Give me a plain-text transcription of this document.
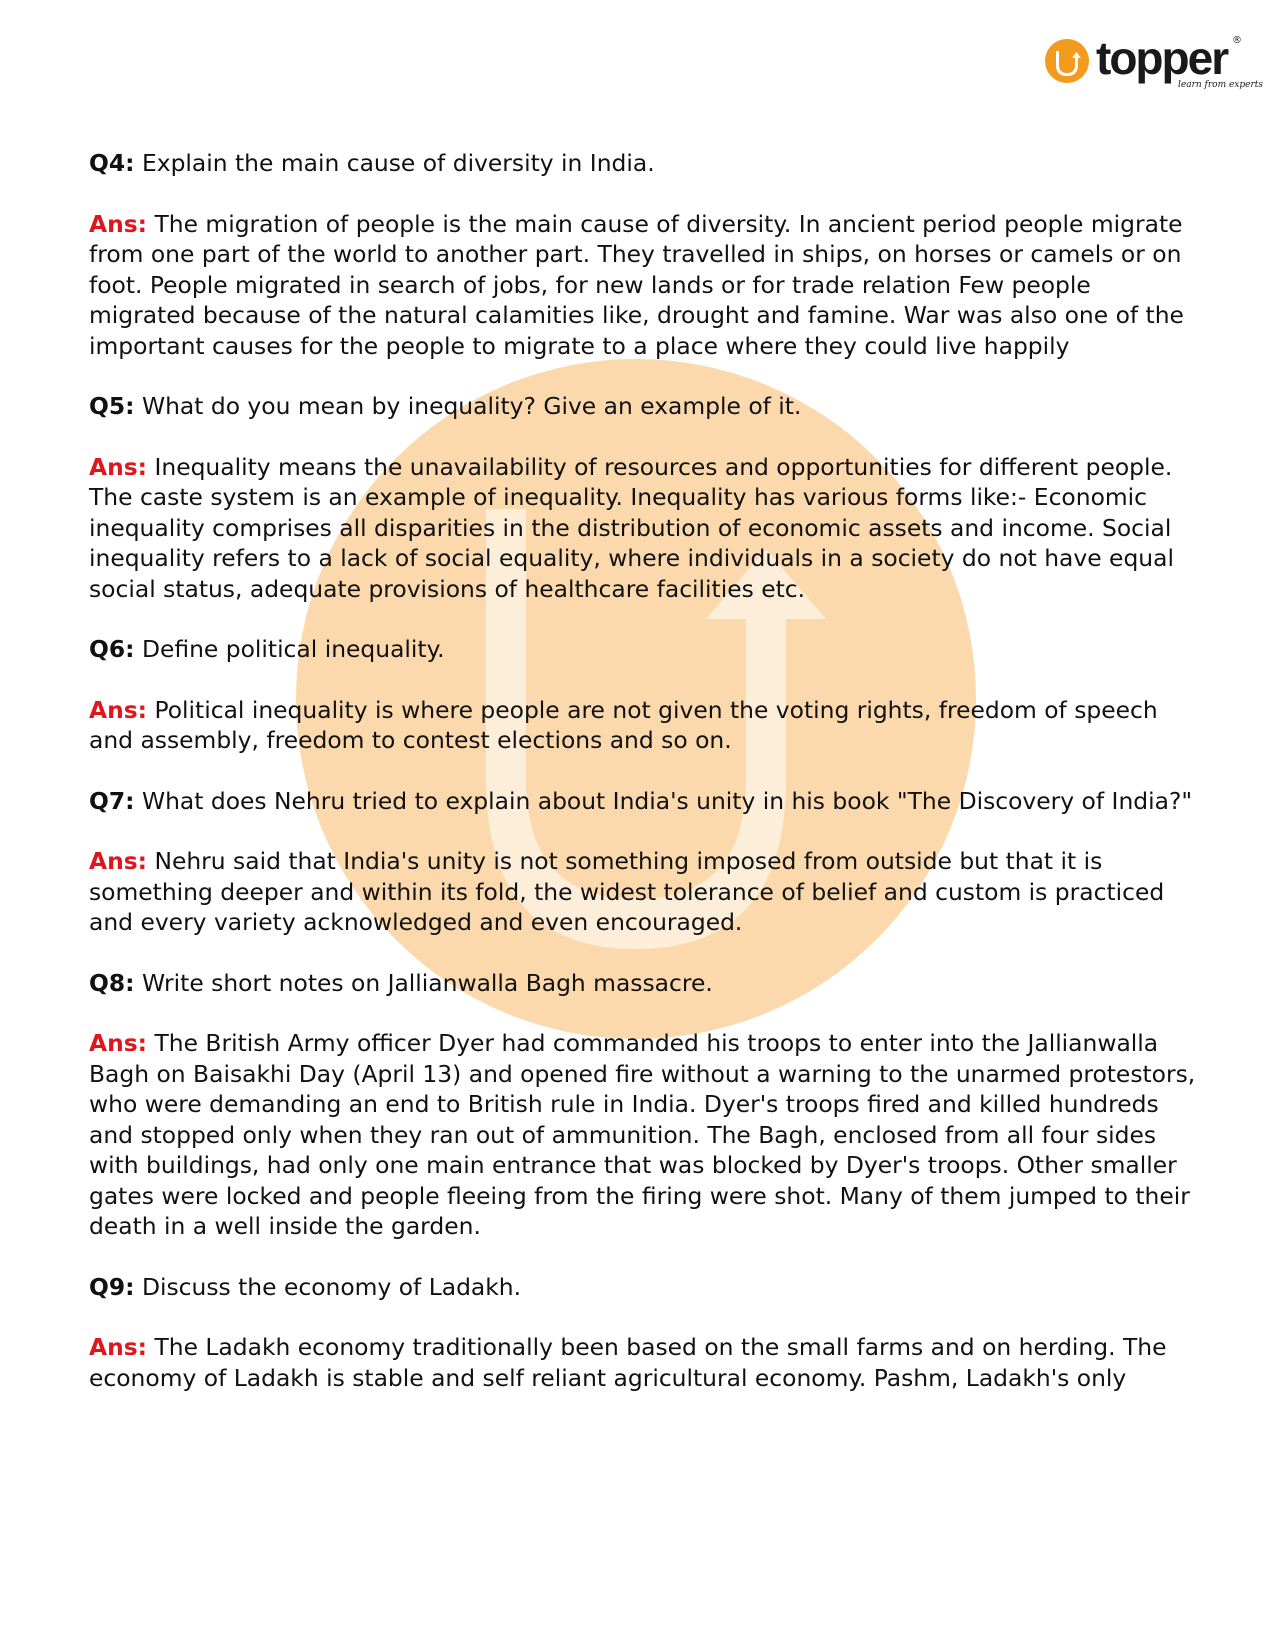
topper ®
learn from experts

Q4: Explain the main cause of diversity in India.

Ans: The migration of people is the main cause of diversity. In ancient period people migrate from one part of the world to another part. They travelled in ships, on horses or camels or on foot. People migrated in search of jobs, for new lands or for trade relation Few people migrated because of the natural calamities like, drought and famine. War was also one of the important causes for the people to migrate to a place where they could live happily

Q5: What do you mean by inequality? Give an example of it.

Ans: Inequality means the unavailability of resources and opportunities for different people. The caste system is an example of inequality. Inequality has various forms like:- Economic inequality comprises all disparities in the distribution of economic assets and income. Social inequality refers to a lack of social equality, where individuals in a society do not have equal social status, adequate provisions of healthcare facilities etc.

Q6: Define political inequality.

Ans: Political inequality is where people are not given the voting rights, freedom of speech and assembly, freedom to contest elections and so on.

Q7: What does Nehru tried to explain about India's unity in his book "The Discovery of India?"

Ans: Nehru said that India's unity is not something imposed from outside but that it is something deeper and within its fold, the widest tolerance of belief and custom is practiced and every variety acknowledged and even encouraged.

Q8: Write short notes on Jallianwalla Bagh massacre.

Ans: The British Army officer Dyer had commanded his troops to enter into the Jallianwalla Bagh on Baisakhi Day (April 13) and opened fire without a warning to the unarmed protestors, who were demanding an end to British rule in India. Dyer's troops fired and killed hundreds and stopped only when they ran out of ammunition. The Bagh, enclosed from all four sides with buildings, had only one main entrance that was blocked by Dyer's troops. Other smaller gates were locked and people fleeing from the firing were shot. Many of them jumped to their death in a well inside the garden.

Q9: Discuss the economy of Ladakh.

Ans: The Ladakh economy traditionally been based on the small farms and on herding. The economy of Ladakh is stable and self reliant agricultural economy. Pashm, Ladakh's only
